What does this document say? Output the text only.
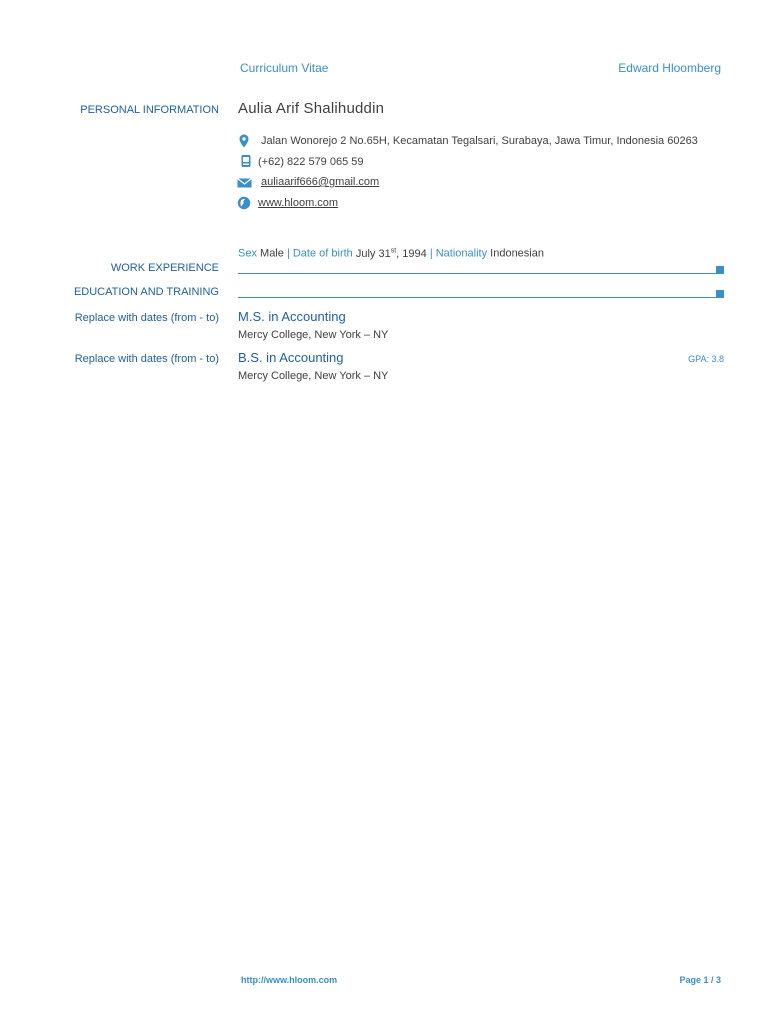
Curriculum Vitae	Edward Hloomberg
PERSONAL INFORMATION Aulia Arif Shalihuddin
Jalan Wonorejo 2 No.65H, Kecamatan Tegalsari, Surabaya, Jawa Timur, Indonesia 60263
(+62) 822 579 065 59
auliaarif666@gmail.com
www.hloom.com
Sex Male | Date of birth July 31st, 1994 | Nationality Indonesian
WORK EXPERIENCE
EDUCATION AND TRAINING
Replace with dates (from - to) M.S. in Accounting
Mercy College, New York – NY
Replace with dates (from - to) B.S. in Accounting	GPA: 3.8
Mercy College, New York – NY
http://www.hloom.com	Page 1 / 3
